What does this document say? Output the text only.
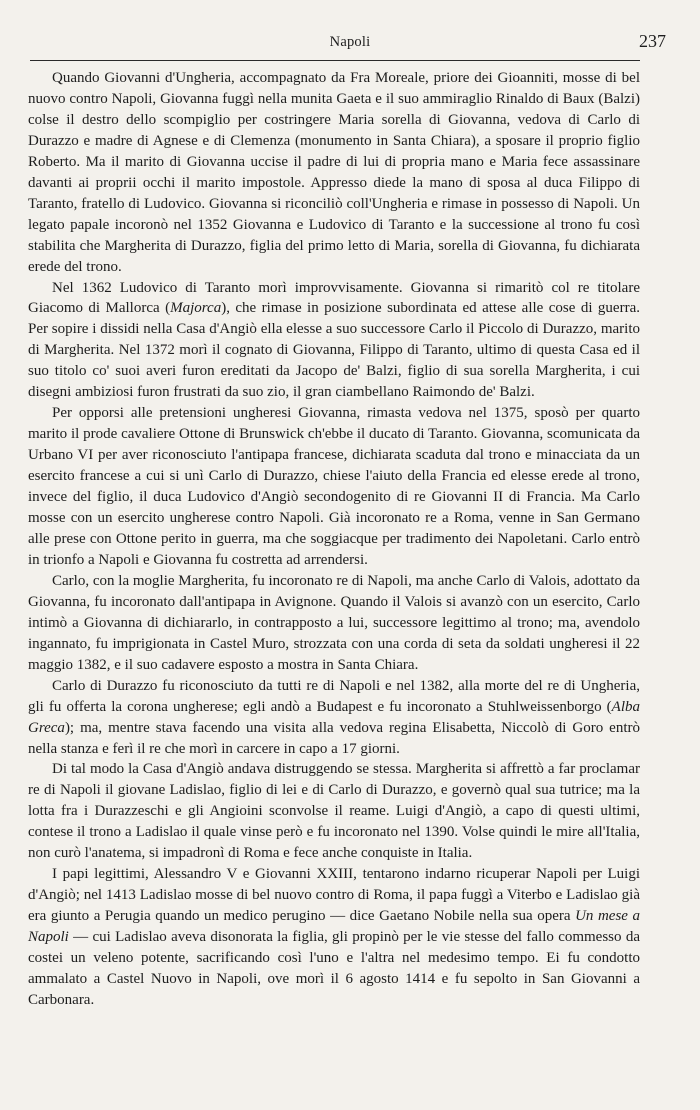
Napoli	237

Quando Giovanni d'Ungheria, accompagnato da Fra Moreale, priore dei Gioanniti, mosse di bel nuovo contro Napoli, Giovanna fuggì nella munita Gaeta e il suo ammiraglio Rinaldo di Baux (Balzi) colse il destro dello scompiglio per costringere Maria sorella di Giovanna, vedova di Carlo di Durazzo e madre di Agnese e di Clemenza (monumento in Santa Chiara), a sposare il proprio figlio Roberto. Ma il marito di Giovanna uccise il padre di lui di propria mano e Maria fece assassinare davanti ai proprii occhi il marito impostole. Appresso diede la mano di sposa al duca Filippo di Taranto, fratello di Ludovico. Giovanna si riconciliò coll'Ungheria e rimase in possesso di Napoli. Un legato papale incoronò nel 1352 Giovanna e Ludovico di Taranto e la successione al trono fu così stabilita che Margherita di Durazzo, figlia del primo letto di Maria, sorella di Giovanna, fu dichiarata erede del trono.

Nel 1362 Ludovico di Taranto morì improvvisamente. Giovanna si rimaritò col re titolare Giacomo di Mallorca (Majorca), che rimase in posizione subordinata ed attese alle cose di guerra. Per sopire i dissidi nella Casa d'Angiò ella elesse a suo successore Carlo il Piccolo di Durazzo, marito di Margherita. Nel 1372 morì il cognato di Giovanna, Filippo di Taranto, ultimo di questa Casa ed il suo titolo co' suoi averi furon ereditati da Jacopo de' Balzi, figlio di sua sorella Margherita, i cui disegni ambiziosi furon frustrati da suo zio, il gran ciambellano Raimondo de' Balzi.

Per opporsi alle pretensioni ungheresi Giovanna, rimasta vedova nel 1375, sposò per quarto marito il prode cavaliere Ottone di Brunswick ch'ebbe il ducato di Taranto. Giovanna, scomunicata da Urbano VI per aver riconosciuto l'antipapa francese, dichiarata scaduta dal trono e minacciata da un esercito francese a cui si unì Carlo di Durazzo, chiese l'aiuto della Francia ed elesse erede al trono, invece del figlio, il duca Ludovico d'Angiò secondogenito di re Giovanni II di Francia. Ma Carlo mosse con un esercito ungherese contro Napoli. Già incoronato re a Roma, venne in San Germano alle prese con Ottone perito in guerra, ma che soggiacque per tradimento dei Napoletani. Carlo entrò in trionfo a Napoli e Giovanna fu costretta ad arrendersi.

Carlo, con la moglie Margherita, fu incoronato re di Napoli, ma anche Carlo di Valois, adottato da Giovanna, fu incoronato dall'antipapa in Avignone. Quando il Valois si avanzò con un esercito, Carlo intimò a Giovanna di dichiararlo, in contrapposto a lui, successore legittimo al trono; ma, avendolo ingannato, fu imprigionata in Castel Muro, strozzata con una corda di seta da soldati ungheresi il 22 maggio 1382, e il suo cadavere esposto a mostra in Santa Chiara.

Carlo di Durazzo fu riconosciuto da tutti re di Napoli e nel 1382, alla morte del re di Ungheria, gli fu offerta la corona ungherese; egli andò a Budapest e fu incoronato a Stuhlweissenborgo (Alba Greca); ma, mentre stava facendo una visita alla vedova regina Elisabetta, Niccolò di Goro entrò nella stanza e ferì il re che morì in carcere in capo a 17 giorni.

Di tal modo la Casa d'Angiò andava distruggendo se stessa. Margherita si affrettò a far proclamar re di Napoli il giovane Ladislao, figlio di lei e di Carlo di Durazzo, e governò qual sua tutrice; ma la lotta fra i Durazzeschi e gli Angioini sconvolse il reame. Luigi d'Angiò, a capo di questi ultimi, contese il trono a Ladislao il quale vinse però e fu incoronato nel 1390. Volse quindi le mire all'Italia, non curò l'anatema, si impadronì di Roma e fece anche conquiste in Italia.

I papi legittimi, Alessandro V e Giovanni XXIII, tentarono indarno ricuperar Napoli per Luigi d'Angiò; nel 1413 Ladislao mosse di bel nuovo contro di Roma, il papa fuggì a Viterbo e Ladislao già era giunto a Perugia quando un medico perugino — dice Gaetano Nobile nella sua opera Un mese a Napoli — cui Ladislao aveva disonorata la figlia, gli propinò per le vie stesse del fallo commesso da costei un veleno potente, sacrificando così l'uno e l'altra nel medesimo tempo. Ei fu condotto ammalato a Castel Nuovo in Napoli, ove morì il 6 agosto 1414 e fu sepolto in San Giovanni a Carbonara.
